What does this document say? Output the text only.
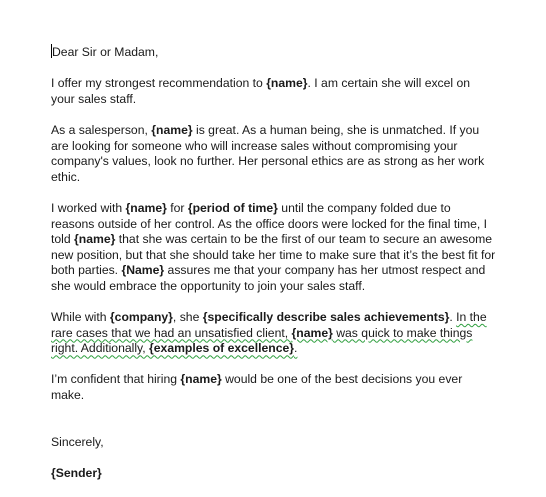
Dear Sir or Madam,

I offer my strongest recommendation to {name}. I am certain she will excel on your sales staff.

As a salesperson, {name} is great. As a human being, she is unmatched. If you are looking for someone who will increase sales without compromising your company's values, look no further. Her personal ethics are as strong as her work ethic.

I worked with {name} for {period of time} until the company folded due to reasons outside of her control. As the office doors were locked for the final time, I told {name} that she was certain to be the first of our team to secure an awesome new position, but that she should take her time to make sure that it’s the best fit for both parties. {Name} assures me that your company has her utmost respect and she would embrace the opportunity to join your sales staff.

While with {company}, she {specifically describe sales achievements}. In the rare cases that we had an unsatisfied client, {name} was quick to make things right. Additionally, {examples of excellence}.

I’m confident that hiring {name} would be one of the best decisions you ever make.

Sincerely,

{Sender}
